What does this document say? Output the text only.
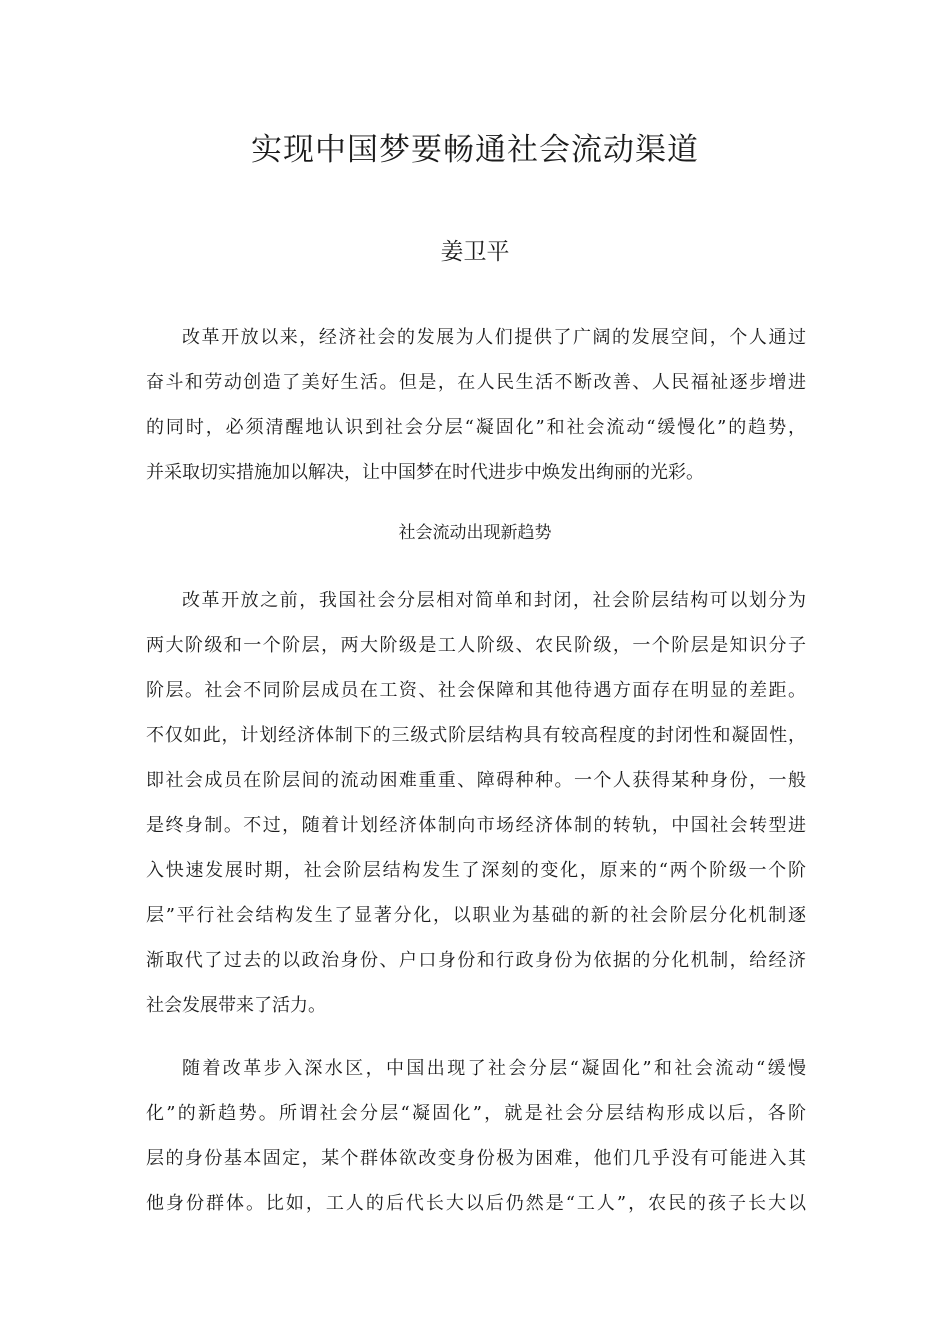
实现中国梦要畅通社会流动渠道
姜卫平
改革开放以来，经济社会的发展为人们提供了广阔的发展空间，个人通过
奋斗和劳动创造了美好生活。但是，在人民生活不断改善、人民福祉逐步增进
的同时，必须清醒地认识到社会分层“凝固化”和社会流动“缓慢化”的趋势，
并采取切实措施加以解决，让中国梦在时代进步中焕发出绚丽的光彩。
社会流动出现新趋势
改革开放之前，我国社会分层相对简单和封闭，社会阶层结构可以划分为
两大阶级和一个阶层，两大阶级是工人阶级、农民阶级，一个阶层是知识分子
阶层。社会不同阶层成员在工资、社会保障和其他待遇方面存在明显的差距。
不仅如此，计划经济体制下的三级式阶层结构具有较高程度的封闭性和凝固性，
即社会成员在阶层间的流动困难重重、障碍种种。一个人获得某种身份，一般
是终身制。不过，随着计划经济体制向市场经济体制的转轨，中国社会转型进
入快速发展时期，社会阶层结构发生了深刻的变化，原来的“两个阶级一个阶
层”平行社会结构发生了显著分化，以职业为基础的新的社会阶层分化机制逐
渐取代了过去的以政治身份、户口身份和行政身份为依据的分化机制，给经济
社会发展带来了活力。
随着改革步入深水区，中国出现了社会分层“凝固化”和社会流动“缓慢
化”的新趋势。所谓社会分层“凝固化”，就是社会分层结构形成以后，各阶
层的身份基本固定，某个群体欲改变身份极为困难，他们几乎没有可能进入其
他身份群体。比如，工人的后代长大以后仍然是“工人”，农民的孩子长大以
